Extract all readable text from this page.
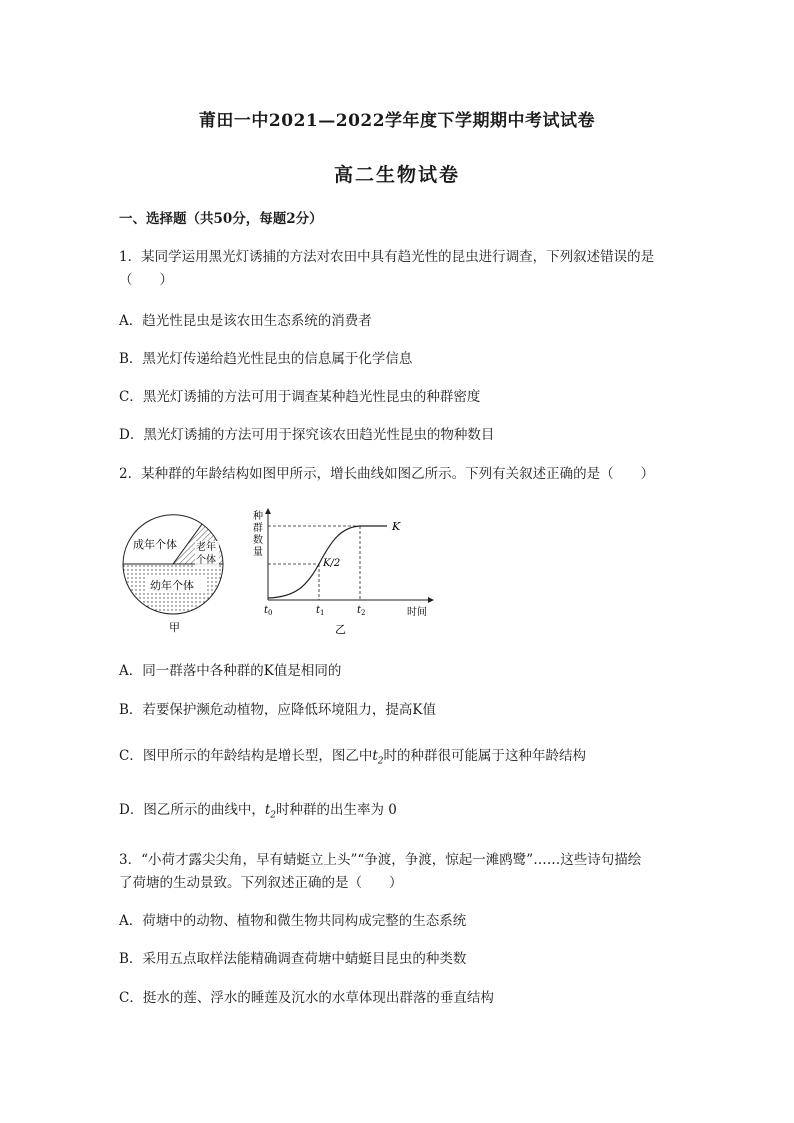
莆田一中2021—2022学年度下学期期中考试试卷
高二生物试卷
一、选择题（共50分，每题2分）
1．某同学运用黑光灯诱捕的方法对农田中具有趋光性的昆虫进行调查，下列叙述错误的是
（　　）
A．趋光性昆虫是该农田生态系统的消费者
B．黑光灯传递给趋光性昆虫的信息属于化学信息
C．黑光灯诱捕的方法可用于调查某种趋光性昆虫的种群密度
D．黑光灯诱捕的方法可用于探究该农田趋光性昆虫的物种数目
2．某种群的年龄结构如图甲所示，增长曲线如图乙所示。下列有关叙述正确的是（　　）
成年个体 老年
个体
幼年个体
甲
种
群
数
量
K
K/2
$t_0$	$t_1$	$t_2$	时间
乙
A．同一群落中各种群的K值是相同的
B．若要保护濒危动植物，应降低环境阻力，提高K值
C．图甲所示的年龄结构是增长型，图乙中$t_2$时的种群很可能属于这种年龄结构
D．图乙所示的曲线中，$t_2$时种群的出生率为 0
3．“小荷才露尖尖角，早有蜻蜓立上头”“争渡，争渡，惊起一滩鸥鹭”……这些诗句描绘
了荷塘的生动景致。下列叙述正确的是（　　）
A．荷塘中的动物、植物和微生物共同构成完整的生态系统
B．采用五点取样法能精确调查荷塘中蜻蜓目昆虫的种类数
C．挺水的莲、浮水的睡莲及沉水的水草体现出群落的垂直结构
